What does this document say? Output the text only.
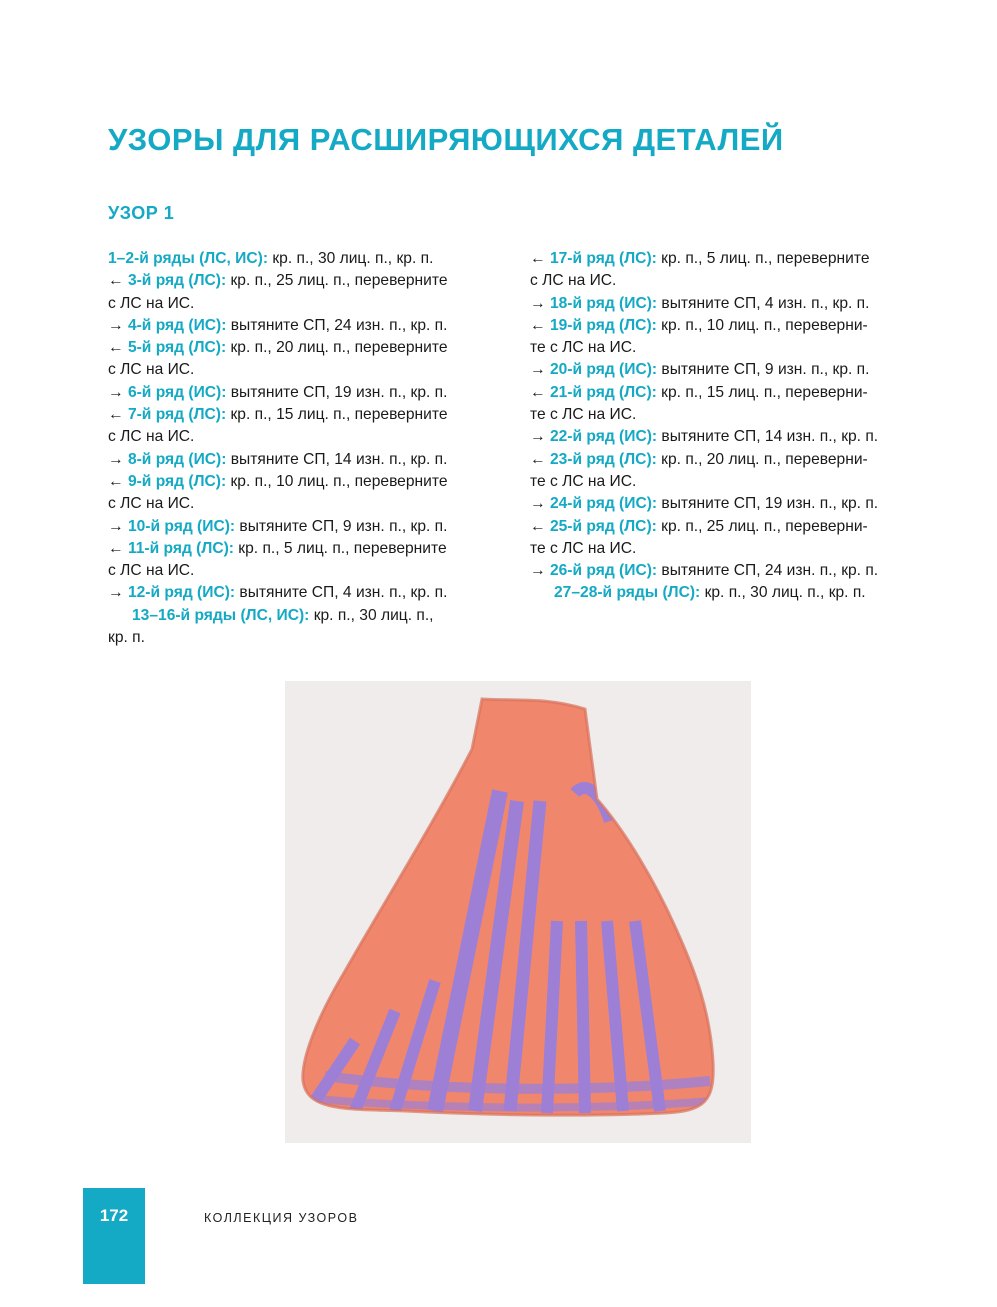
УЗОРЫ ДЛЯ РАСШИРЯЮЩИХСЯ ДЕТАЛЕЙ
УЗОР 1
1–2-й ряды (ЛС, ИС): кр. п., 30 лиц. п., кр. п.
← 3-й ряд (ЛС): кр. п., 25 лиц. п., переверните
с ЛС на ИС.
→ 4-й ряд (ИС): вытяните СП, 24 изн. п., кр. п.
← 5-й ряд (ЛС): кр. п., 20 лиц. п., переверните
с ЛС на ИС.
→ 6-й ряд (ИС): вытяните СП, 19 изн. п., кр. п.
← 7-й ряд (ЛС): кр. п., 15 лиц. п., переверните
с ЛС на ИС.
→ 8-й ряд (ИС): вытяните СП, 14 изн. п., кр. п.
← 9-й ряд (ЛС): кр. п., 10 лиц. п., переверните
с ЛС на ИС.
→ 10-й ряд (ИС): вытяните СП, 9 изн. п., кр. п.
← 11-й ряд (ЛС): кр. п., 5 лиц. п., переверните
с ЛС на ИС.
→ 12-й ряд (ИС): вытяните СП, 4 изн. п., кр. п.
13–16-й ряды (ЛС, ИС): кр. п., 30 лиц. п.,
кр. п.
← 17-й ряд (ЛС): кр. п., 5 лиц. п., переверните
с ЛС на ИС.
→ 18-й ряд (ИС): вытяните СП, 4 изн. п., кр. п.
← 19-й ряд (ЛС): кр. п., 10 лиц. п., переверни-
те с ЛС на ИС.
→ 20-й ряд (ИС): вытяните СП, 9 изн. п., кр. п.
← 21-й ряд (ЛС): кр. п., 15 лиц. п., переверни-
те с ЛС на ИС.
→ 22-й ряд (ИС): вытяните СП, 14 изн. п., кр. п.
← 23-й ряд (ЛС): кр. п., 20 лиц. п., переверни-
те с ЛС на ИС.
→ 24-й ряд (ИС): вытяните СП, 19 изн. п., кр. п.
← 25-й ряд (ЛС): кр. п., 25 лиц. п., переверни-
те с ЛС на ИС.
→ 26-й ряд (ИС): вытяните СП, 24 изн. п., кр. п.
27–28-й ряды (ЛС): кр. п., 30 лиц. п., кр. п.
172	КОЛЛЕКЦИЯ УЗОРОВ
